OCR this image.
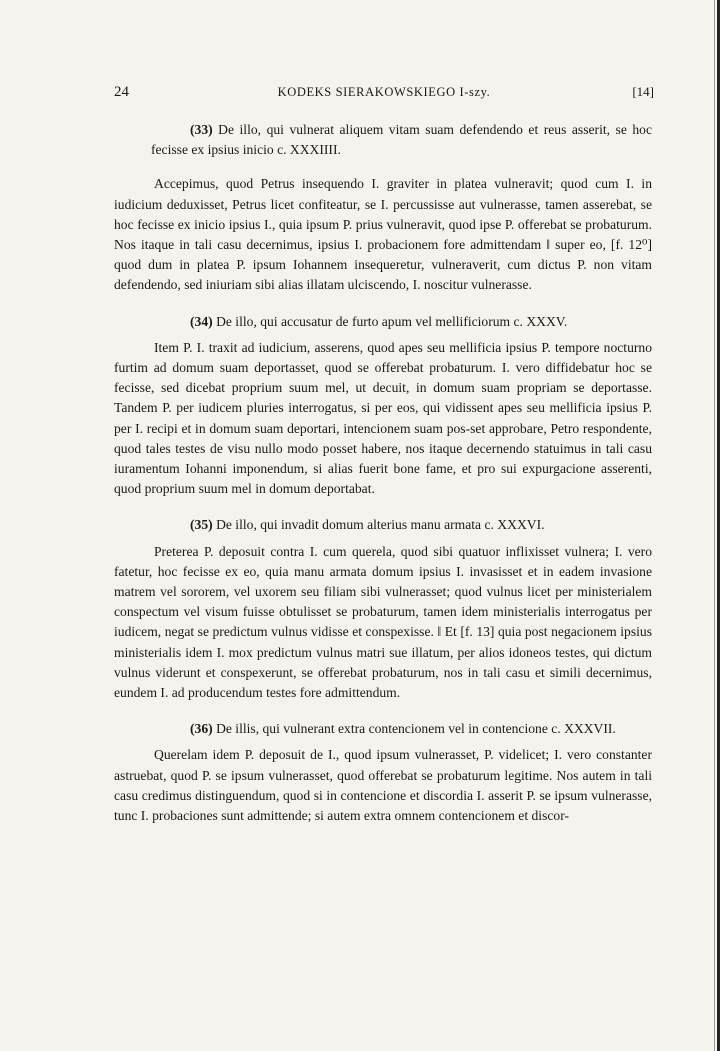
24	KODEKS SIERAKOWSKIEGO I-szy.	[14]

(33) De illo, qui vulnerat aliquem vitam suam defendendo et reus asserit, se hoc fecisse ex ipsius inicio c. XXXIIII.

Accepimus, quod Petrus insequendo I. graviter in platea vulneravit; quod cum I. in iudicium deduxisset, Petrus licet confiteatur, se I. percussisse aut vulnerasse, tamen asserebat, se hoc fecisse ex inicio ipsius I., quia ipsum P. prius vulneravit, quod ipse P. offerebat se probaturum. Nos itaque in tali casu decernimus, ipsius I. probacionem fore admittendam ‖ super eo, [f. 12⁰] quod dum in platea P. ipsum Iohannem insequeretur, vulneraverit, cum dictus P. non vitam defendendo, sed iniuriam sibi alias illatam ulciscendo, I. noscitur vulnerasse.

(34) De illo, qui accusatur de furto apum vel mellificiorum c. XXXV.

Item P. I. traxit ad iudicium, asserens, quod apes seu mellificia ipsius P. tempore nocturno furtim ad domum suam deportasset, quod se offerebat probaturum. I. vero diffidebatur hoc se fecisse, sed dicebat proprium suum mel, ut decuit, in domum suam propriam se deportasse. Tandem P. per iudicem pluries interrogatus, si per eos, qui vidissent apes seu mellificia ipsius P. per I. recipi et in domum suam deportari, intencionem suam pos-set approbare, Petro respondente, quod tales testes de visu nullo modo posset habere, nos itaque decernendo statuimus in tali casu iuramentum Iohanni imponendum, si alias fuerit bone fame, et pro sui expurgacione asserenti, quod proprium suum mel in domum deportabat.

(35) De illo, qui invadit domum alterius manu armata c. XXXVI.

Preterea P. deposuit contra I. cum querela, quod sibi quatuor inflixisset vulnera; I. vero fatetur, hoc fecisse ex eo, quia manu armata domum ipsius I. invasisset et in eadem invasione matrem vel sororem, vel uxorem seu filiam sibi vulnerasset; quod vulnus licet per ministerialem conspectum vel visum fuisse obtulisset se probaturum, tamen idem ministerialis interrogatus per iudicem, negat se predictum vulnus vidisse et conspexisse. ‖ Et [f. 13] quia post negacionem ipsius ministerialis idem I. mox predictum vulnus matri sue illatum, per alios idoneos testes, qui dictum vulnus viderunt et conspexerunt, se offerebat probaturum, nos in tali casu et simili decernimus, eundem I. ad producendum testes fore admittendum.

(36) De illis, qui vulnerant extra contencionem vel in contencione c. XXXVII.

Querelam idem P. deposuit de I., quod ipsum vulnerasset, P. videlicet; I. vero constanter astruebat, quod P. se ipsum vulnerasset, quod offerebat se probaturum legitime. Nos autem in tali casu credimus distinguendum, quod si in contencione et discordia I. asserit P. se ipsum vulnerasse, tunc I. probaciones sunt admittende; si autem extra omnem contencionem et discor-
